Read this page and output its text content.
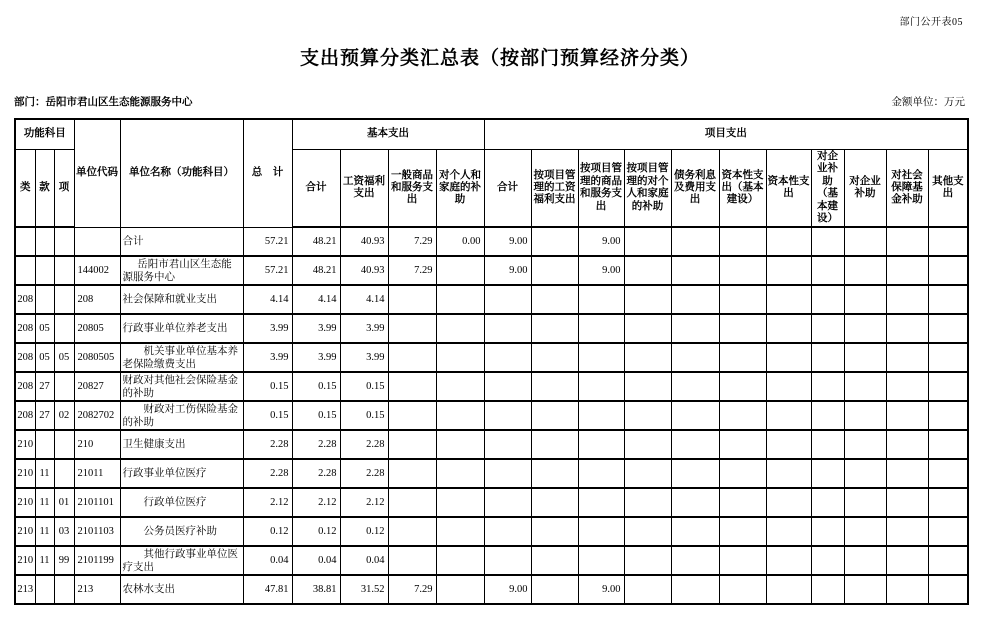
部门公开表05
支出预算分类汇总表（按部门预算经济分类）
部门：岳阳市君山区生态能源服务中心	金额单位：万元
功能科目			单位代码	单位名称（功能科目）	总　计	基本支出				项目支出										
类	款	项				合计	工资福利支出	一般商品和服务支出	对个人和家庭的补助	合计	按项目管理的工资福利支出	按项目管理的商品和服务支出	按项目管理的对个人和家庭的补助	债务利息及费用支出	资本性支出（基本建设）	资本性支出	对企业补助（基本建设）	对企业补助	对社会保障基金补助	其他支出
				合计	57.21	48.21	40.93	7.29	0.00	9.00		9.00								
			144002	岳阳市君山区生态能源服务中心	57.21	48.21	40.93	7.29		9.00		9.00								
208			208	社会保障和就业支出	4.14	4.14	4.14													
208	05		20805	行政事业单位养老支出	3.99	3.99	3.99													
208	05	05	2080505	机关事业单位基本养老保险缴费支出	3.99	3.99	3.99													
208	27		20827	财政对其他社会保险基金的补助	0.15	0.15	0.15													
208	27	02	2082702	财政对工伤保险基金的补助	0.15	0.15	0.15													
210			210	卫生健康支出	2.28	2.28	2.28													
210	11		21011	行政事业单位医疗	2.28	2.28	2.28													
210	11	01	2101101	行政单位医疗	2.12	2.12	2.12													
210	11	03	2101103	公务员医疗补助	0.12	0.12	0.12													
210	11	99	2101199	其他行政事业单位医疗支出	0.04	0.04	0.04													
213			213	农林水支出	47.81	38.81	31.52	7.29		9.00		9.00								
